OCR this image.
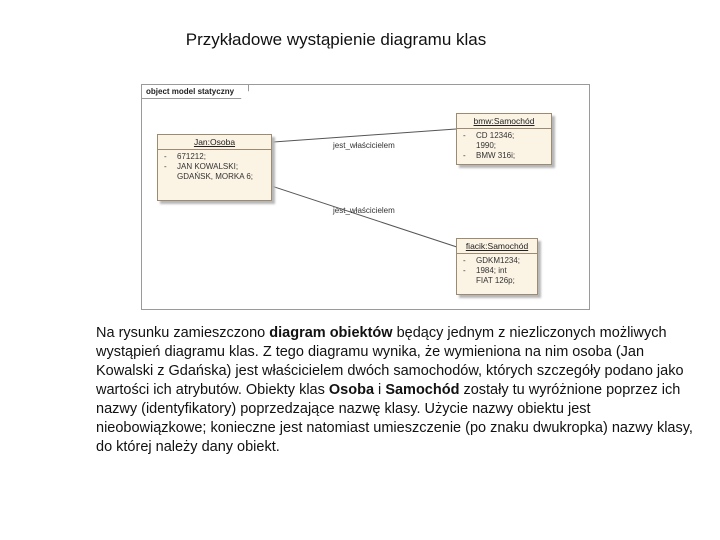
Przykładowe wystąpienie diagramu klas
object model statyczny
jest_właścicielem
jest_właścicielem
Jan:Osoba
-	671212;
-	JAN KOWALSKI;
GDAŃSK, MORKA 6;
bmw:Samochód
-	CD 12346;
1990;
-	BMW 316i;
fiacik:Samochód
-	GDKM1234;
-	1984; int
FIAT 126p;
Na rysunku zamieszczono diagram obiektów będący jednym z niezliczonych możliwych wystąpień diagramu klas. Z tego diagramu wynika, że wymieniona na nim osoba (Jan Kowalski z Gdańska) jest właścicielem dwóch samochodów, których szczegóły podano jako wartości ich atrybutów. Obiekty klas Osoba i Samochód zostały tu wyróżnione poprzez ich nazwy (identyfikatory) poprzedzające nazwę klasy. Użycie nazwy obiektu jest nieobowiązkowe; konieczne jest natomiast umieszczenie (po znaku dwukropka) nazwy klasy, do której należy dany obiekt.
